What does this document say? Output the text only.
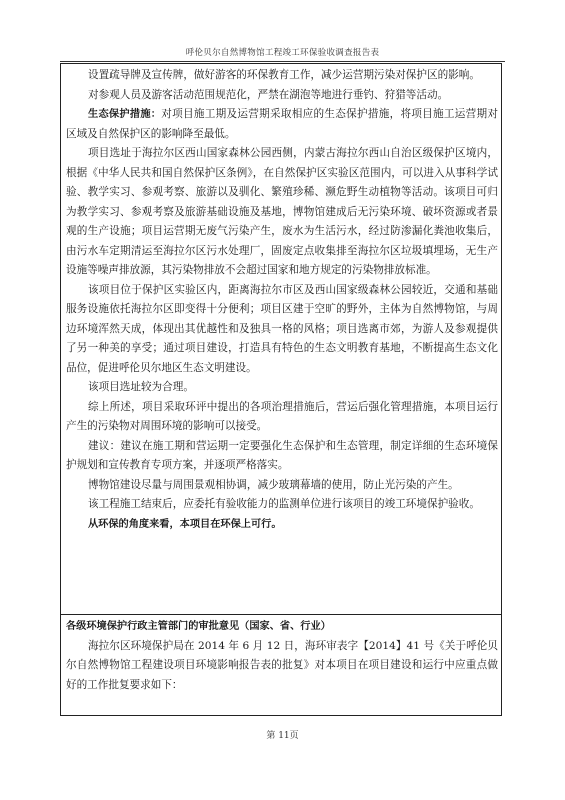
呼伦贝尔自然博物馆工程竣工环保验收调查报告表

设置疏导牌及宣传牌，做好游客的环保教育工作，减少运营期污染对保护区的影响。

对参观人员及游客活动范围规范化，严禁在湖泡等地进行垂钓、狩猎等活动。

生态保护措施：对项目施工期及运营期采取相应的生态保护措施，将项目施工运营期对区域及自然保护区的影响降至最低。

项目选址于海拉尔区西山国家森林公园西侧，内蒙古海拉尔西山自治区级保护区境内，根据《中华人民共和国自然保护区条例》，在自然保护区实验区范围内，可以进入从事科学试验、教学实习、参观考察、旅游以及驯化、繁殖珍稀、濒危野生动植物等活动。该项目可归为教学实习、参观考察及旅游基础设施及基地，博物馆建成后无污染环境、破坏资源或者景观的生产设施；项目运营期无废气污染产生，废水为生活污水，经过防渗漏化粪池收集后，由污水车定期清运至海拉尔区污水处理厂，固废定点收集排至海拉尔区垃圾填埋场，无生产设施等噪声排放源，其污染物排放不会超过国家和地方规定的污染物排放标准。

该项目位于保护区实验区内，距离海拉尔市区及西山国家级森林公园较近，交通和基础服务设施依托海拉尔区即变得十分便利；项目区建于空旷的野外，主体为自然博物馆，与周边环境浑然天成，体现出其优越性和及独具一格的风格；项目选离市郊，为游人及参观提供了另一种美的享受；通过项目建设，打造具有特色的生态文明教育基地，不断提高生态文化品位，促进呼伦贝尔地区生态文明建设。

该项目选址较为合理。

综上所述，项目采取环评中提出的各项治理措施后，营运后强化管理措施，本项目运行产生的污染物对周围环境的影响可以接受。

建议：建议在施工期和营运期一定要强化生态保护和生态管理，制定详细的生态环境保护规划和宣传教育专项方案，并逐项严格落实。

博物馆建设尽量与周围景观相协调，减少玻璃幕墙的使用，防止光污染的产生。

该工程施工结束后，应委托有验收能力的监测单位进行该项目的竣工环境保护验收。

从环保的角度来看，本项目在环保上可行。

各级环境保护行政主管部门的审批意见（国家、省、行业）

海拉尔区环境保护局在 2014 年 6 月 12 日，海环审表字【2014】41 号《关于呼伦贝尔自然博物馆工程建设项目环境影响报告表的批复》对本项目在项目建设和运行中应重点做好的工作批复要求如下：

第 11页
